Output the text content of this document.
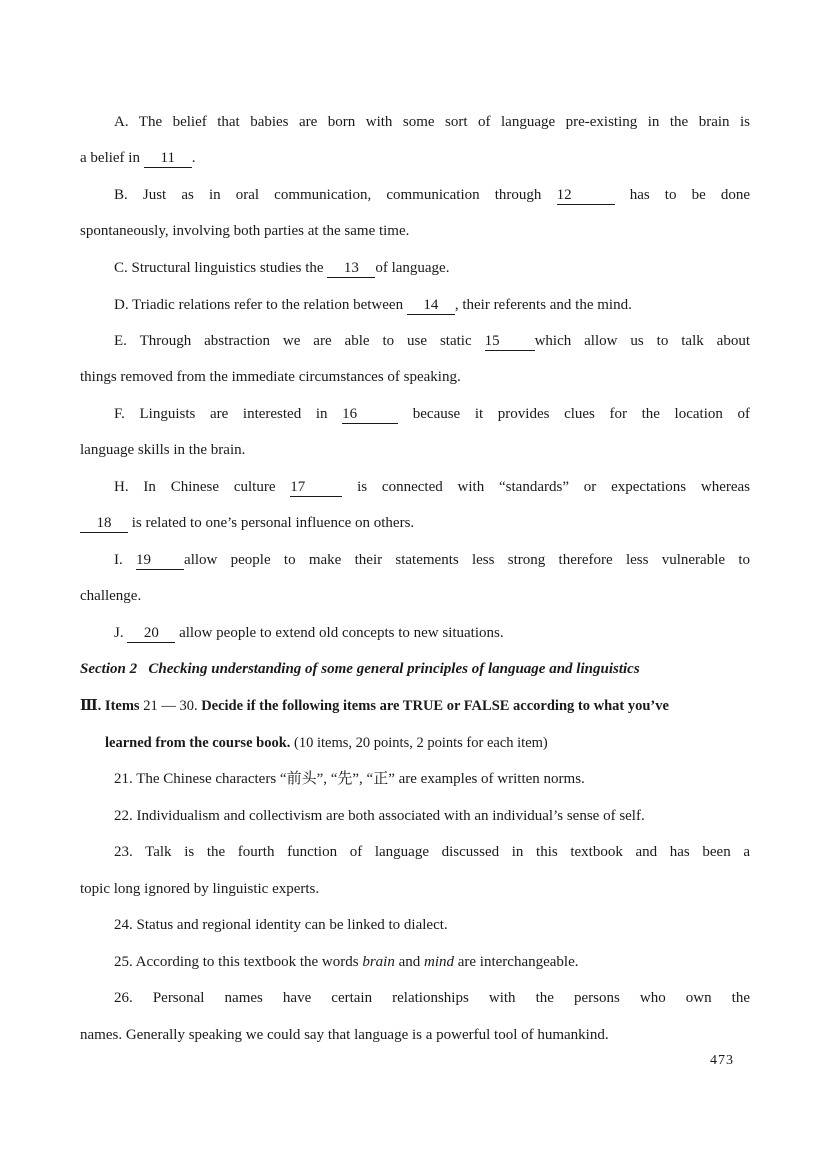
A. The belief that babies are born with some sort of language pre-existing in the brain is
a belief in 11 .
B. Just as in oral communication, communication through 12	has to be done
spontaneously, involving both parties at the same time.
C. Structural linguistics studies the 13 of language.
D. Triadic relations refer to the relation between 14 , their referents and the mind.
E. Through abstraction we are able to use static 15 which allow us to talk about
things removed from the immediate circumstances of speaking.
F. Linguists are interested in 16	because it provides clues for the location of
language skills in the brain.
H. In Chinese culture 17	is connected with “standards” or expectations whereas
18 is related to one’s personal influence on others.
I. 19 allow people to make their statements less strong therefore less vulnerable to
challenge.
J. 20 allow people to extend old concepts to new situations.
Section 2 Checking understanding of some general principles of language and linguistics
Ⅲ. Items 21 — 30. Decide if the following items are TRUE or FALSE according to what you’ve
learned from the course book. (10 items, 20 points, 2 points for each item)
21. The Chinese characters “前头”, “先”, “正” are examples of written norms.
22. Individualism and collectivism are both associated with an individual’s sense of self.
23. Talk is the fourth function of language discussed in this textbook and has been a
topic long ignored by linguistic experts.
24. Status and regional identity can be linked to dialect.
25. According to this textbook the words brain and mind are interchangeable.
26. Personal names have certain relationships with the persons who own the
names. Generally speaking we could say that language is a powerful tool of humankind.
473
